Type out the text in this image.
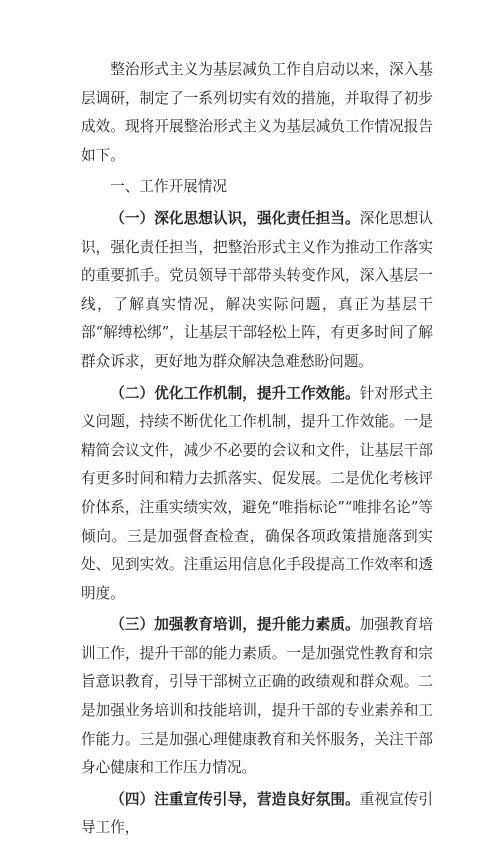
整治形式主义为基层减负工作自启动以来，深入基层调研，制定了一系列切实有效的措施，并取得了初步成效。现将开展整治形式主义为基层减负工作情况报告如下。

一、工作开展情况

（一）深化思想认识，强化责任担当。深化思想认识，强化责任担当，把整治形式主义作为推动工作落实的重要抓手。党员领导干部带头转变作风，深入基层一线，了解真实情况，解决实际问题，真正为基层干部“解缚松绑”，让基层干部轻松上阵，有更多时间了解群众诉求，更好地为群众解决急难愁盼问题。

（二）优化工作机制，提升工作效能。针对形式主义问题，持续不断优化工作机制，提升工作效能。一是精简会议文件，减少不必要的会议和文件，让基层干部有更多时间和精力去抓落实、促发展。二是优化考核评价体系，注重实绩实效，避免“唯指标论”“唯排名论”等倾向。三是加强督查检查，确保各项政策措施落到实处、见到实效。注重运用信息化手段提高工作效率和透明度。

（三）加强教育培训，提升能力素质。加强教育培训工作，提升干部的能力素质。一是加强党性教育和宗旨意识教育，引导干部树立正确的政绩观和群众观。二是加强业务培训和技能培训，提升干部的专业素养和工作能力。三是加强心理健康教育和关怀服务，关注干部身心健康和工作压力情况。

（四）注重宣传引导，营造良好氛围。重视宣传引导工作，
